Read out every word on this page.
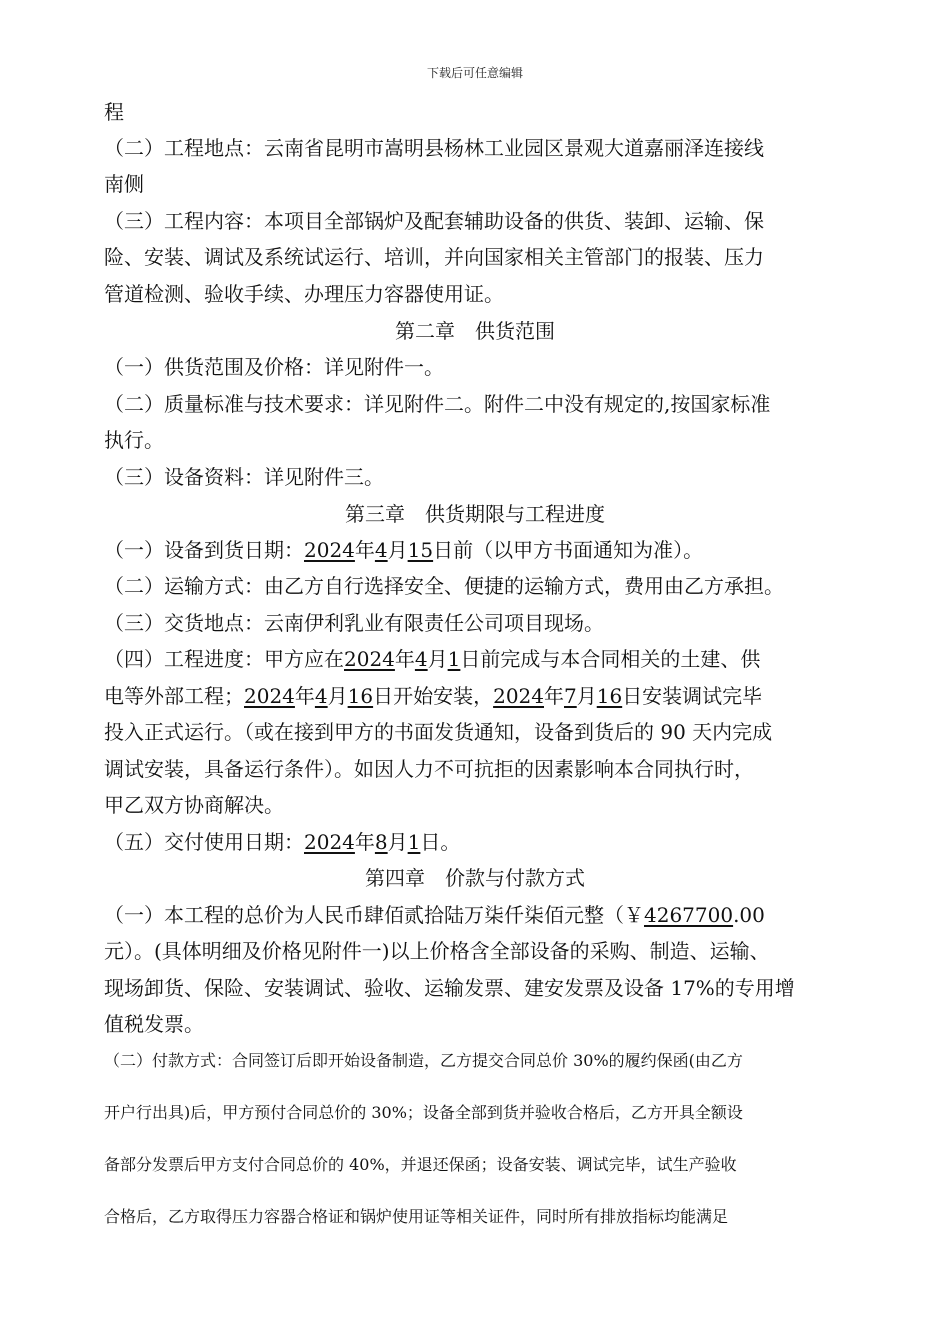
下载后可任意编辑
程
（二）工程地点：云南省昆明市嵩明县杨林工业园区景观大道嘉丽泽连接线
南侧
（三）工程内容：本项目全部锅炉及配套辅助设备的供货、装卸、运输、保
险、安装、调试及系统试运行、培训，并向国家相关主管部门的报装、压力
管道检测、验收手续、办理压力容器使用证。
第二章　供货范围
（一）供货范围及价格：详见附件一。
（二）质量标准与技术要求：详见附件二。附件二中没有规定的,按国家标准
执行。
（三）设备资料：详见附件三。
第三章　供货期限与工程进度
（一）设备到货日期：2024年4月15日前（以甲方书面通知为准）。
（二）运输方式：由乙方自行选择安全、便捷的运输方式，费用由乙方承担。
（三）交货地点：云南伊利乳业有限责任公司项目现场。
（四）工程进度：甲方应在2024年4月1日前完成与本合同相关的土建、供
电等外部工程；2024年4月16日开始安装，2024年7月16日安装调试完毕
投入正式运行。（或在接到甲方的书面发货通知，设备到货后的 90 天内完成
调试安装，具备运行条件）。如因人力不可抗拒的因素影响本合同执行时，
甲乙双方协商解决。
（五）交付使用日期：2024年8月1日。
第四章　价款与付款方式
（一）本工程的总价为人民币肆佰贰拾陆万柒仟柒佰元整（￥4267700.00
元）。(具体明细及价格见附件一)以上价格含全部设备的采购、制造、运输、
现场卸货、保险、安装调试、验收、运输发票、建安发票及设备 17%的专用增
值税发票。
（二）付款方式：合同签订后即开始设备制造，乙方提交合同总价 30%的履约保函(由乙方
开户行出具)后，甲方预付合同总价的 30%；设备全部到货并验收合格后，乙方开具全额设
备部分发票后甲方支付合同总价的 40%，并退还保函；设备安装、调试完毕，试生产验收
合格后，乙方取得压力容器合格证和锅炉使用证等相关证件，同时所有排放指标均能满足
